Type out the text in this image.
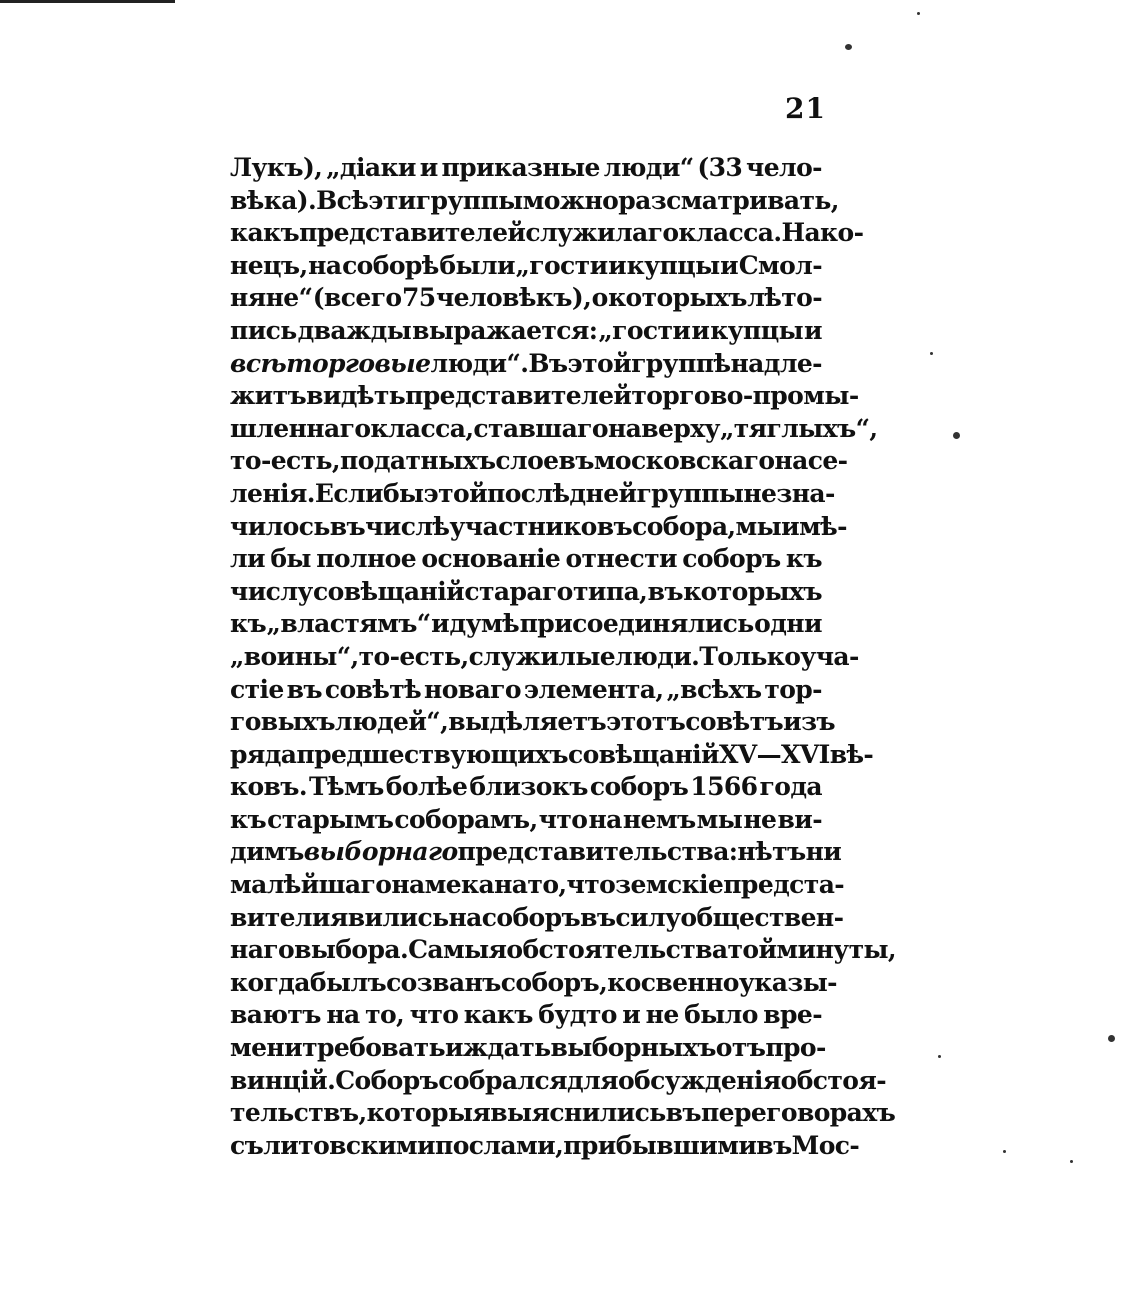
21
Лукъ), „дiаки и приказные люди“ (33 чело-
вѣка). Всѣ эти группы можно разсматривать,
какъ представителей служилаго класса. Нако-
нецъ, на соборѣ были „гости и купцы и Смол-
няне“ (всего 75 человѣкъ), о которыхъ лѣто-
пись дважды выражается: „гости и купцы и
всѣ торговые люди“. Въ этой группѣ надле-
житъ видѣть представителей торгово-промы-
шленнаго класса, ставшаго наверху „тяглыхъ“,
то-есть, податныхъ слоевъ московскаго насе-
ленія. Если бы этой послѣдней группы не зна-
чилось въ числѣ участниковъ собора, мы имѣ-
ли бы полное основаніе отнести соборъ къ
числу совѣщаній стараго типа, въ которыхъ
къ „властямъ“ и думѣ присоединялись одни
„воины“, то-есть, служилые люди. Только уча-
стіе въ совѣтѣ новаго элемента, „всѣхъ тор-
говыхъ людей“, выдѣляетъ этотъ совѣтъ изъ
ряда предшествующихъ совѣщаній XV—XVI вѣ-
ковъ. Тѣмъ болѣе близокъ соборъ 1566 года
къ старымъ соборамъ, что на немъ мы не ви-
димъ выборнаго представительства: нѣтъ ни
малѣйшаго намека на то, что земскіе предста-
вители явились на соборъ въ силу обществен-
наго выбора. Самыя обстоятельства той минуты,
когда былъ созванъ соборъ, косвенно указы-
ваютъ на то, что какъ будто и не было вре-
мени требовать и ждать выборныхъ отъ про-
винцій. Соборъ собрался для обсужденія обстоя-
тельствъ, которыя выяснились въ переговорахъ
съ литовскими послами, прибывшими въ Мос-
